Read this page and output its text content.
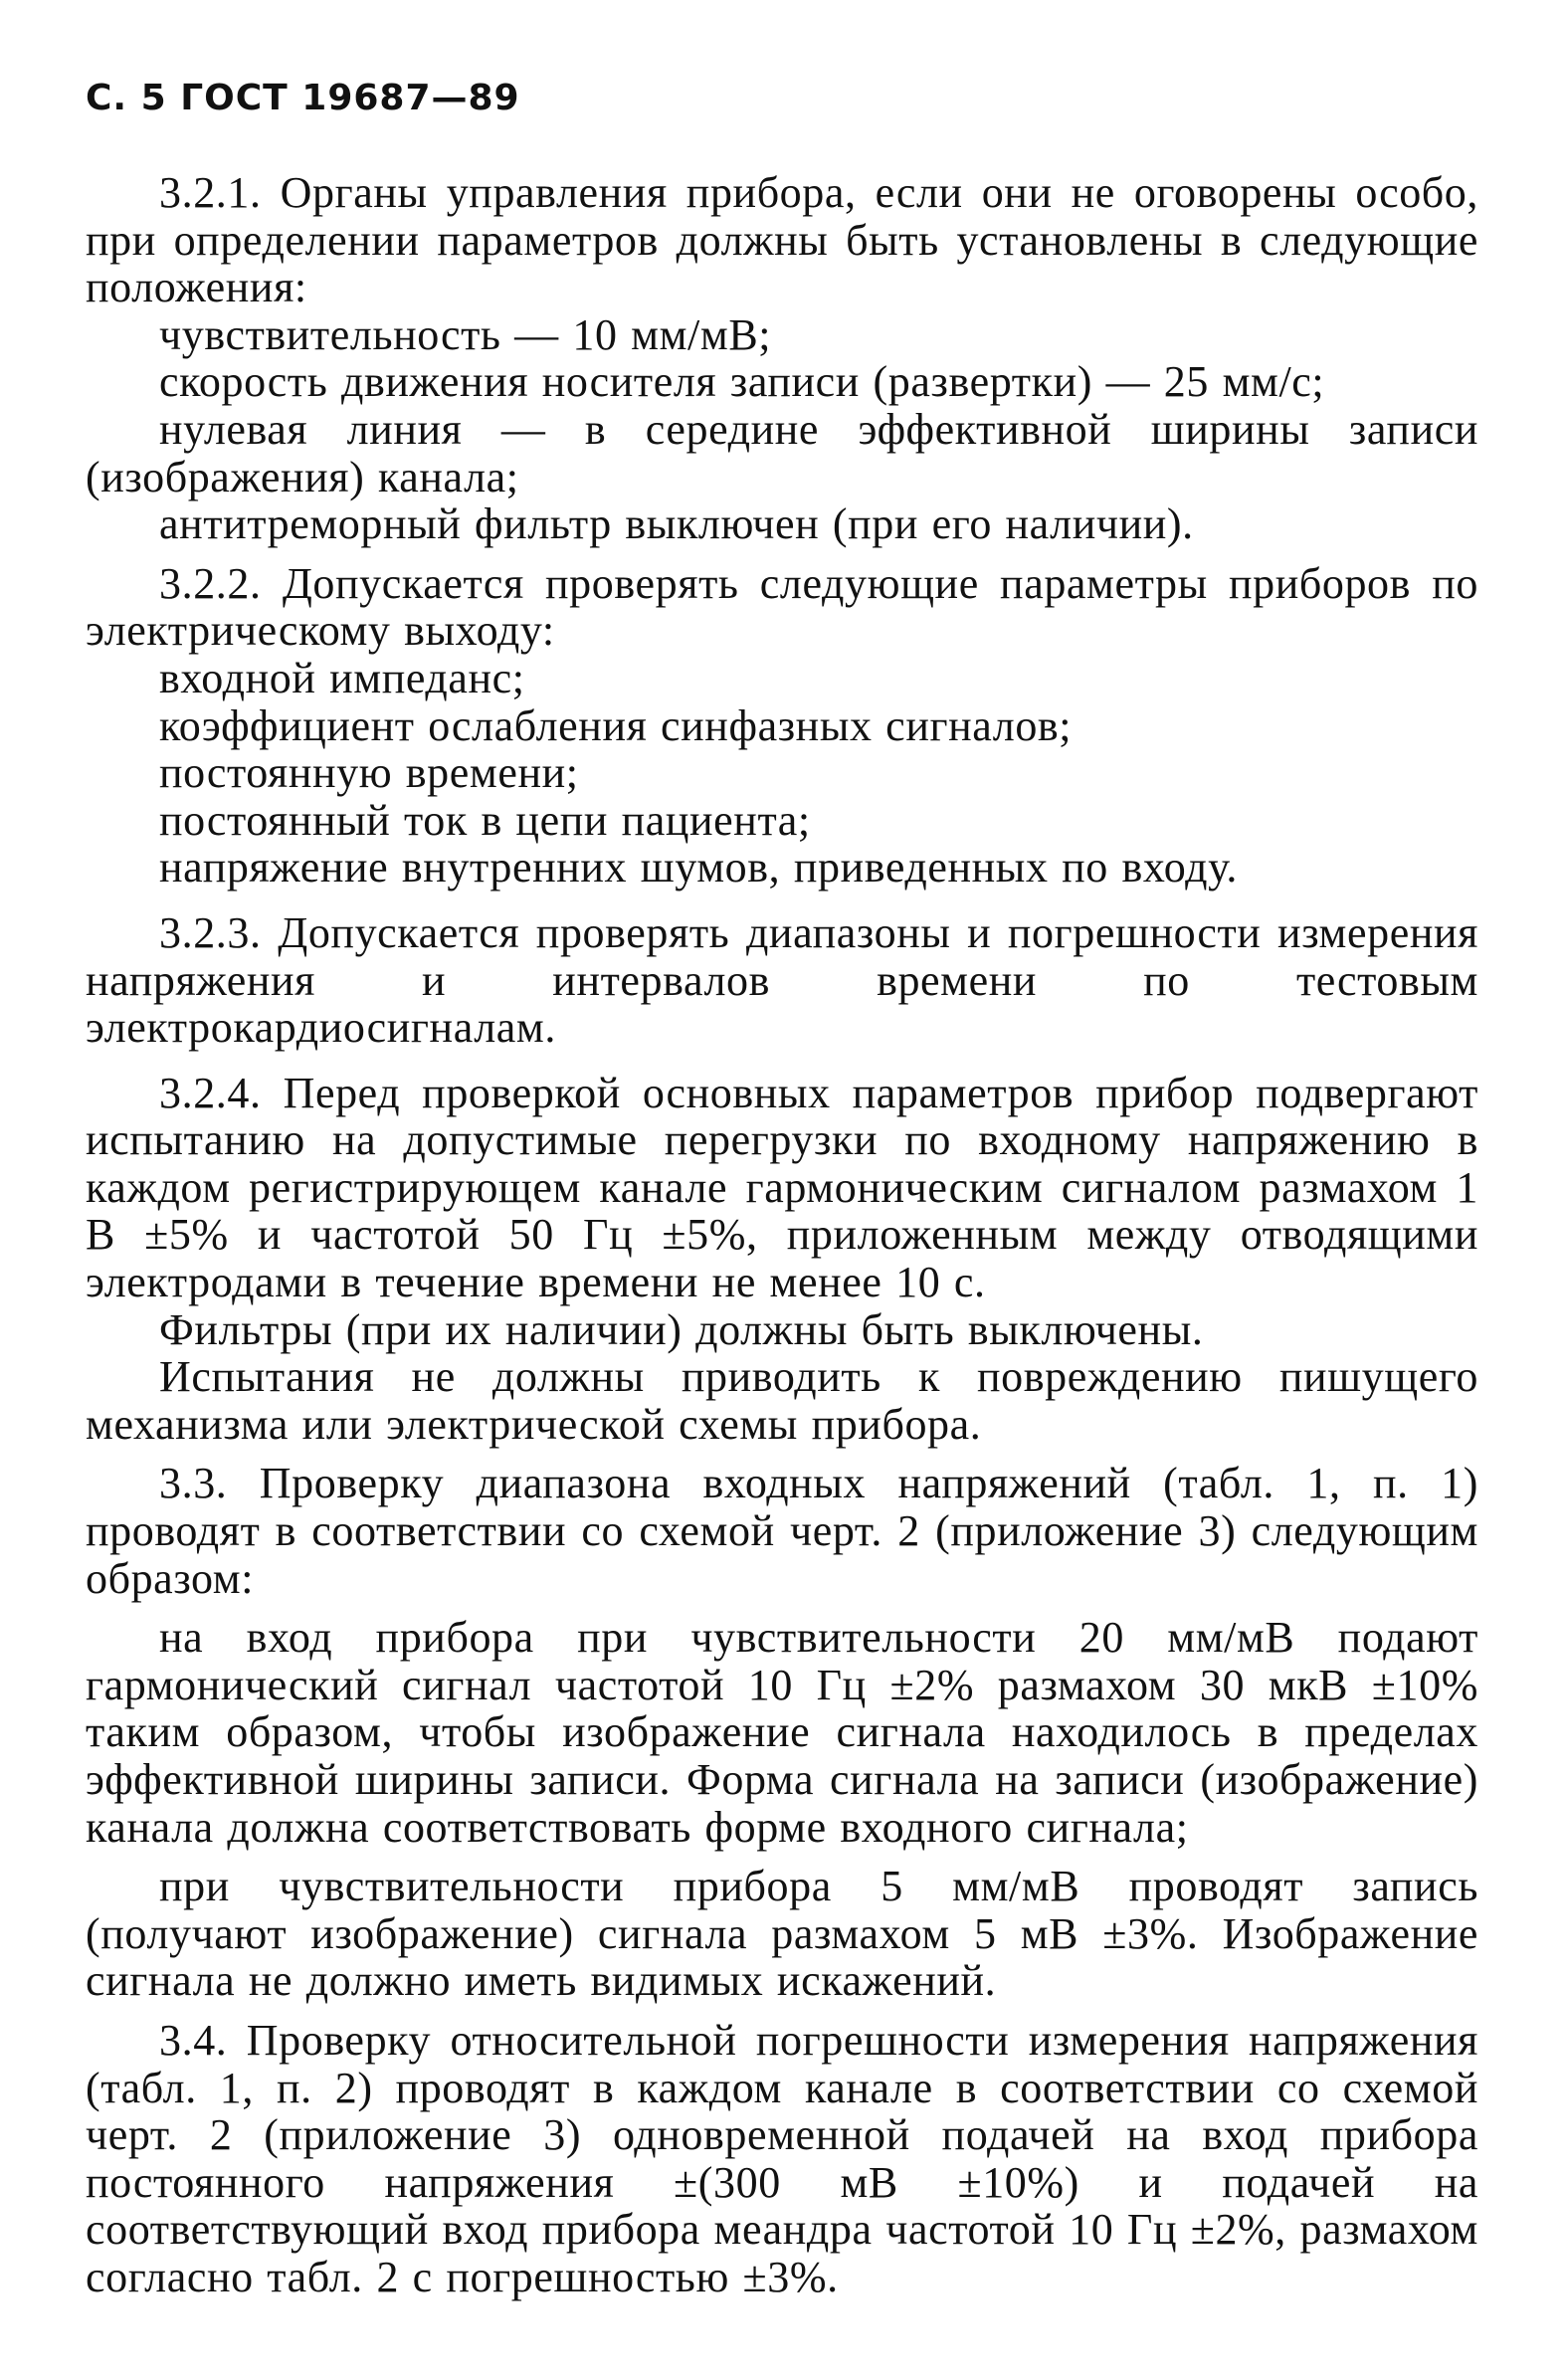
С. 5 ГОСТ 19687—89

3.2.1. Органы управления прибора, если они не оговорены особо, при определении параметров должны быть установлены в следующие положения:

чувствительность — 10 мм/мВ;

скорость движения носителя записи (развертки) — 25 мм/с;

нулевая линия — в середине эффективной ширины записи (изображения) канала;

антитреморный фильтр выключен (при его наличии).

3.2.2. Допускается проверять следующие параметры приборов по электрическому выходу:

входной импеданс;

коэффициент ослабления синфазных сигналов;

постоянную времени;

постоянный ток в цепи пациента;

напряжение внутренних шумов, приведенных по входу.

3.2.3. Допускается проверять диапазоны и погрешности измерения напряжения и интервалов времени по тестовым электрокардиосигналам.

3.2.4. Перед проверкой основных параметров прибор подвергают испытанию на допустимые перегрузки по входному напряжению в каждом регистрирующем канале гармоническим сигналом размахом 1 В ±5% и частотой 50 Гц ±5%, приложенным между отводящими электродами в течение времени не менее 10 с.

Фильтры (при их наличии) должны быть выключены.

Испытания не должны приводить к повреждению пишущего механизма или электрической схемы прибора.

3.3. Проверку диапазона входных напряжений (табл. 1, п. 1) проводят в соответствии со схемой черт. 2 (приложение 3) следующим образом:

на вход прибора при чувствительности 20 мм/мВ подают гармонический сигнал частотой 10 Гц ±2% размахом 30 мкВ ±10% таким образом, чтобы изображение сигнала находилось в пределах эффективной ширины записи. Форма сигнала на записи (изображение) канала должна соответствовать форме входного сигнала;

при чувствительности прибора 5 мм/мВ проводят запись (получают изображение) сигнала размахом 5 мВ ±3%. Изображение сигнала не должно иметь видимых искажений.

3.4. Проверку относительной погрешности измерения напряжения (табл. 1, п. 2) проводят в каждом канале в соответствии со схемой черт. 2 (приложение 3) одновременной подачей на вход прибора постоянного напряжения ±(300 мВ ±10%) и подачей на соответствующий вход прибора меандра частотой 10 Гц ±2%, размахом согласно табл. 2 с погрешностью ±3%.
